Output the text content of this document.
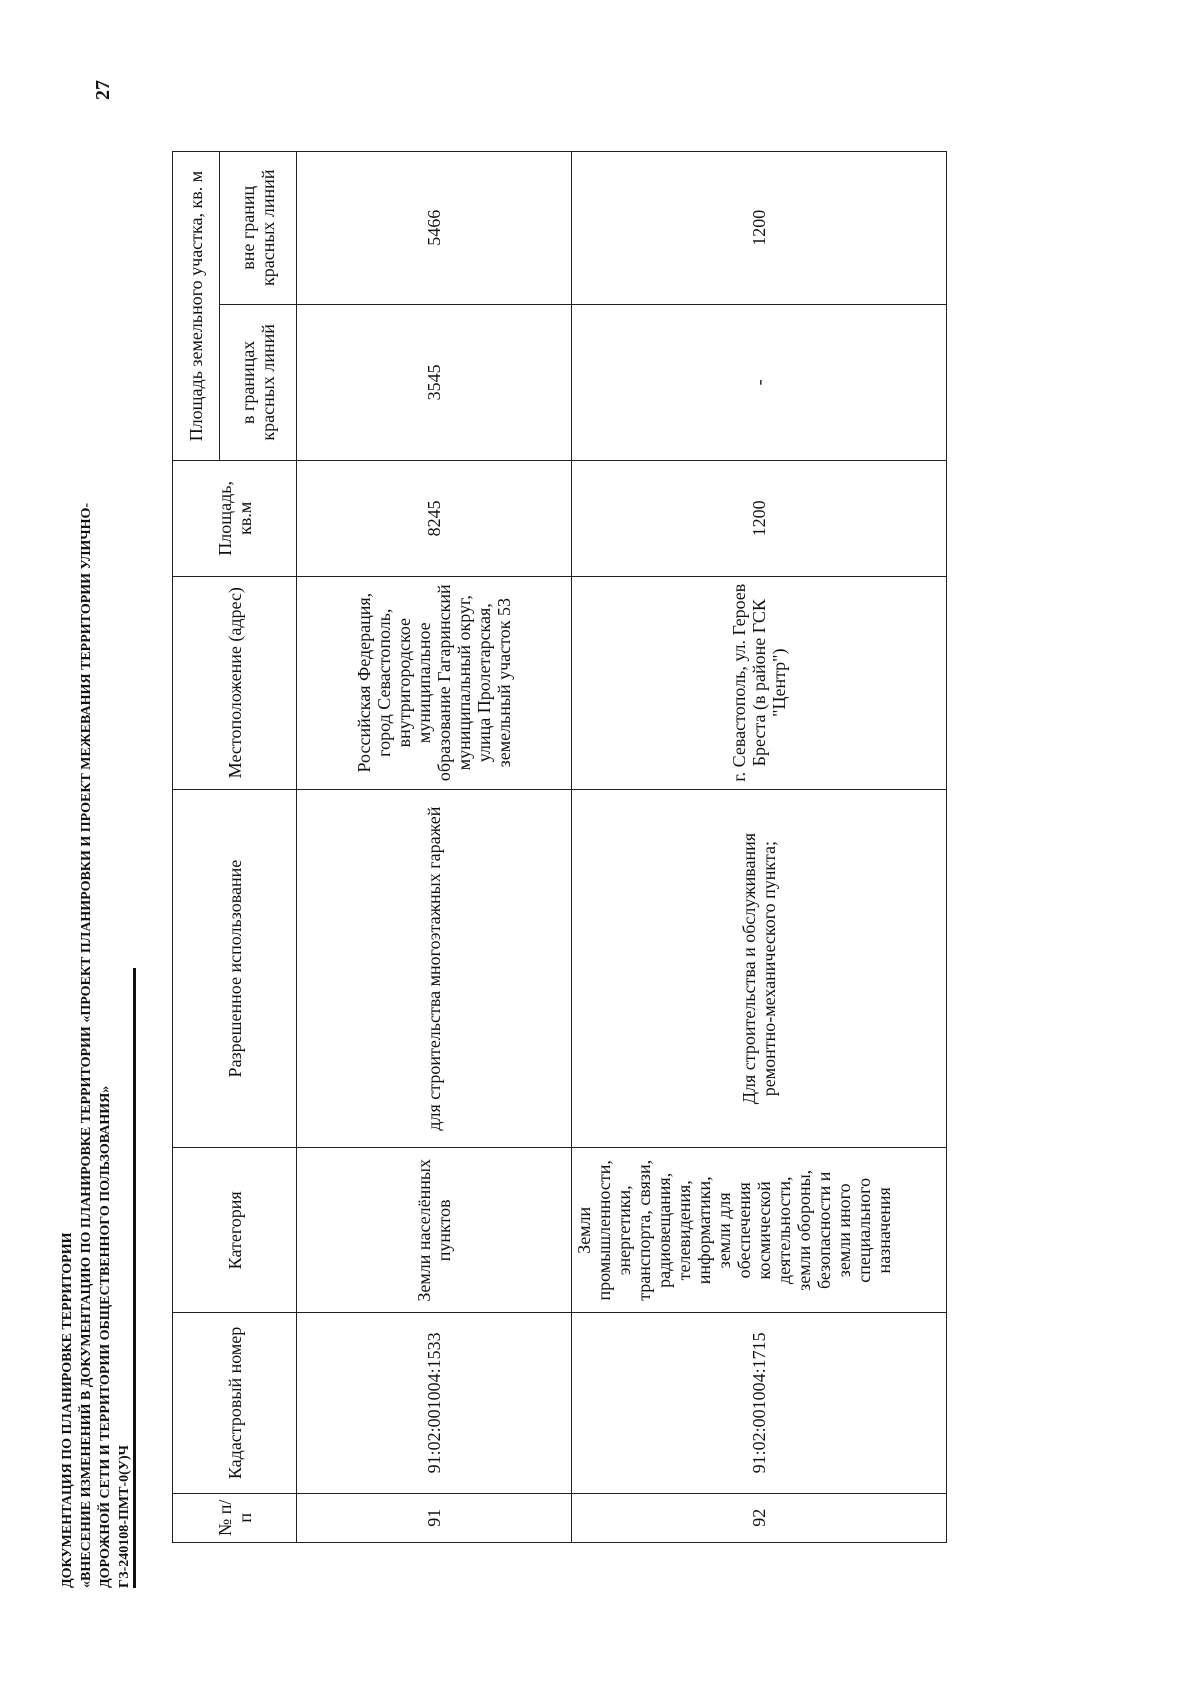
27
ДОКУМЕНТАЦИЯ ПО ПЛАНИРОВКЕ ТЕРРИТОРИИ «ВНЕСЕНИЕ ИЗМЕНЕНИЙ В ДОКУМЕНТАЦИЮ ПО ПЛАНИРОВКЕ ТЕРРИТОРИИ «ПРОЕКТ ПЛАНИРОВКИ И ПРОЕКТ МЕЖЕВАНИЯ ТЕРРИТОРИИ УЛИЧНО- ДОРОЖНОЙ СЕТИ И ТЕРРИТОРИИ ОБЩЕСТВЕННОГО ПОЛЬЗОВАНИЯ» ГЗ-240108-ПМТ-0(У)Ч	№ п/п	Кадастровый номер	Категория	Разрешенное использование	Местоположение (адрес)	Площадь, кв.м	Площадь земельного участка, кв. м	
						в границах красных линий	вне границ красных линий
91	91:02:001004:1533	Земли населённых пунктов	для строительства многоэтажных гаражей	Российская Федерация, город Севастополь, внутригородское муниципальное образование Гагаринский муниципальный округ, улица Пролетарская, земельный участок 53	8245	3545	5466
92	91:02:001004:1715	Земли промышленности, энергетики, транспорта, связи, радиовещания, телевидения, информатики, земли для обеспечения космической деятельности, земли обороны, безопасности и земли иного специального назначения	Для строительства и обслуживания ремонтно-механического пункта;	г. Севастополь, ул. Героев Бреста (в районе ГСК "Центр")	1200	-	1200
